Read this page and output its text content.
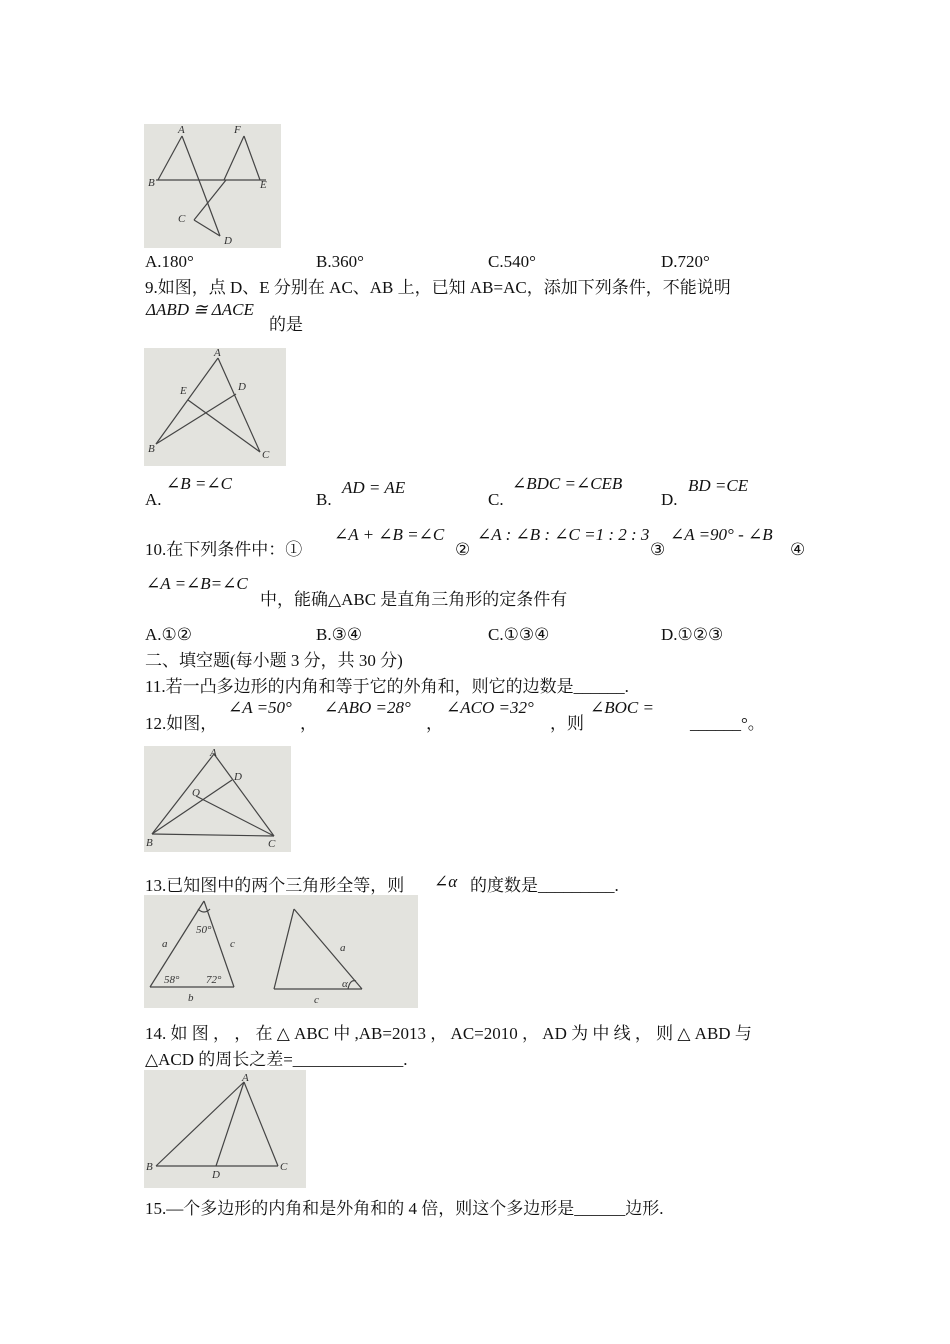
A	F
B	E
C
D
A.180°	B.360°	C.540°	D.720°
9.如图，点 D、E 分别在 AC、AB 上，已知 AB=AC，添加下列条件，不能说明
ΔABD ≅ ΔACE
的是
A
E	D
B	C
A.
∠B =∠C
B.
AD = AE
C.
∠BDC =∠CEB
D.
BD =CE
10.在下列条件中：①
∠A + ∠B =∠C
②
∠A : ∠B : ∠C =1 : 2 : 3
③
∠A =90° - ∠B
④
∠A =∠B=∠C
中，能确△ABC 是直角三角形的定条件有
A.①②	B.③④	C.①③④	D.①②③
二、填空题(每小题 3 分，共 30 分)
11.若一凸多边形的内角和等于它的外角和，则它的边数是______.
12.如图，
∠A =50°
，
∠ABO =28°
，
∠ACO =32°
，则
∠BOC =
______°。
A
D
O
B	C
13.已知图中的两个三角形全等，则 ∠α 的度数是_________.
50°
a	c
58° 72°
b
a
c
α
14. 如 图 ， ， 在 △ ABC 中 ,AB=2013 ， AC=2010 ， AD 为 中 线 ， 则 △ ABD 与
△ACD 的周长之差=_____________.
A
B
D
C
15.—个多边形的内角和是外角和的 4 倍，则这个多边形是______边形.
